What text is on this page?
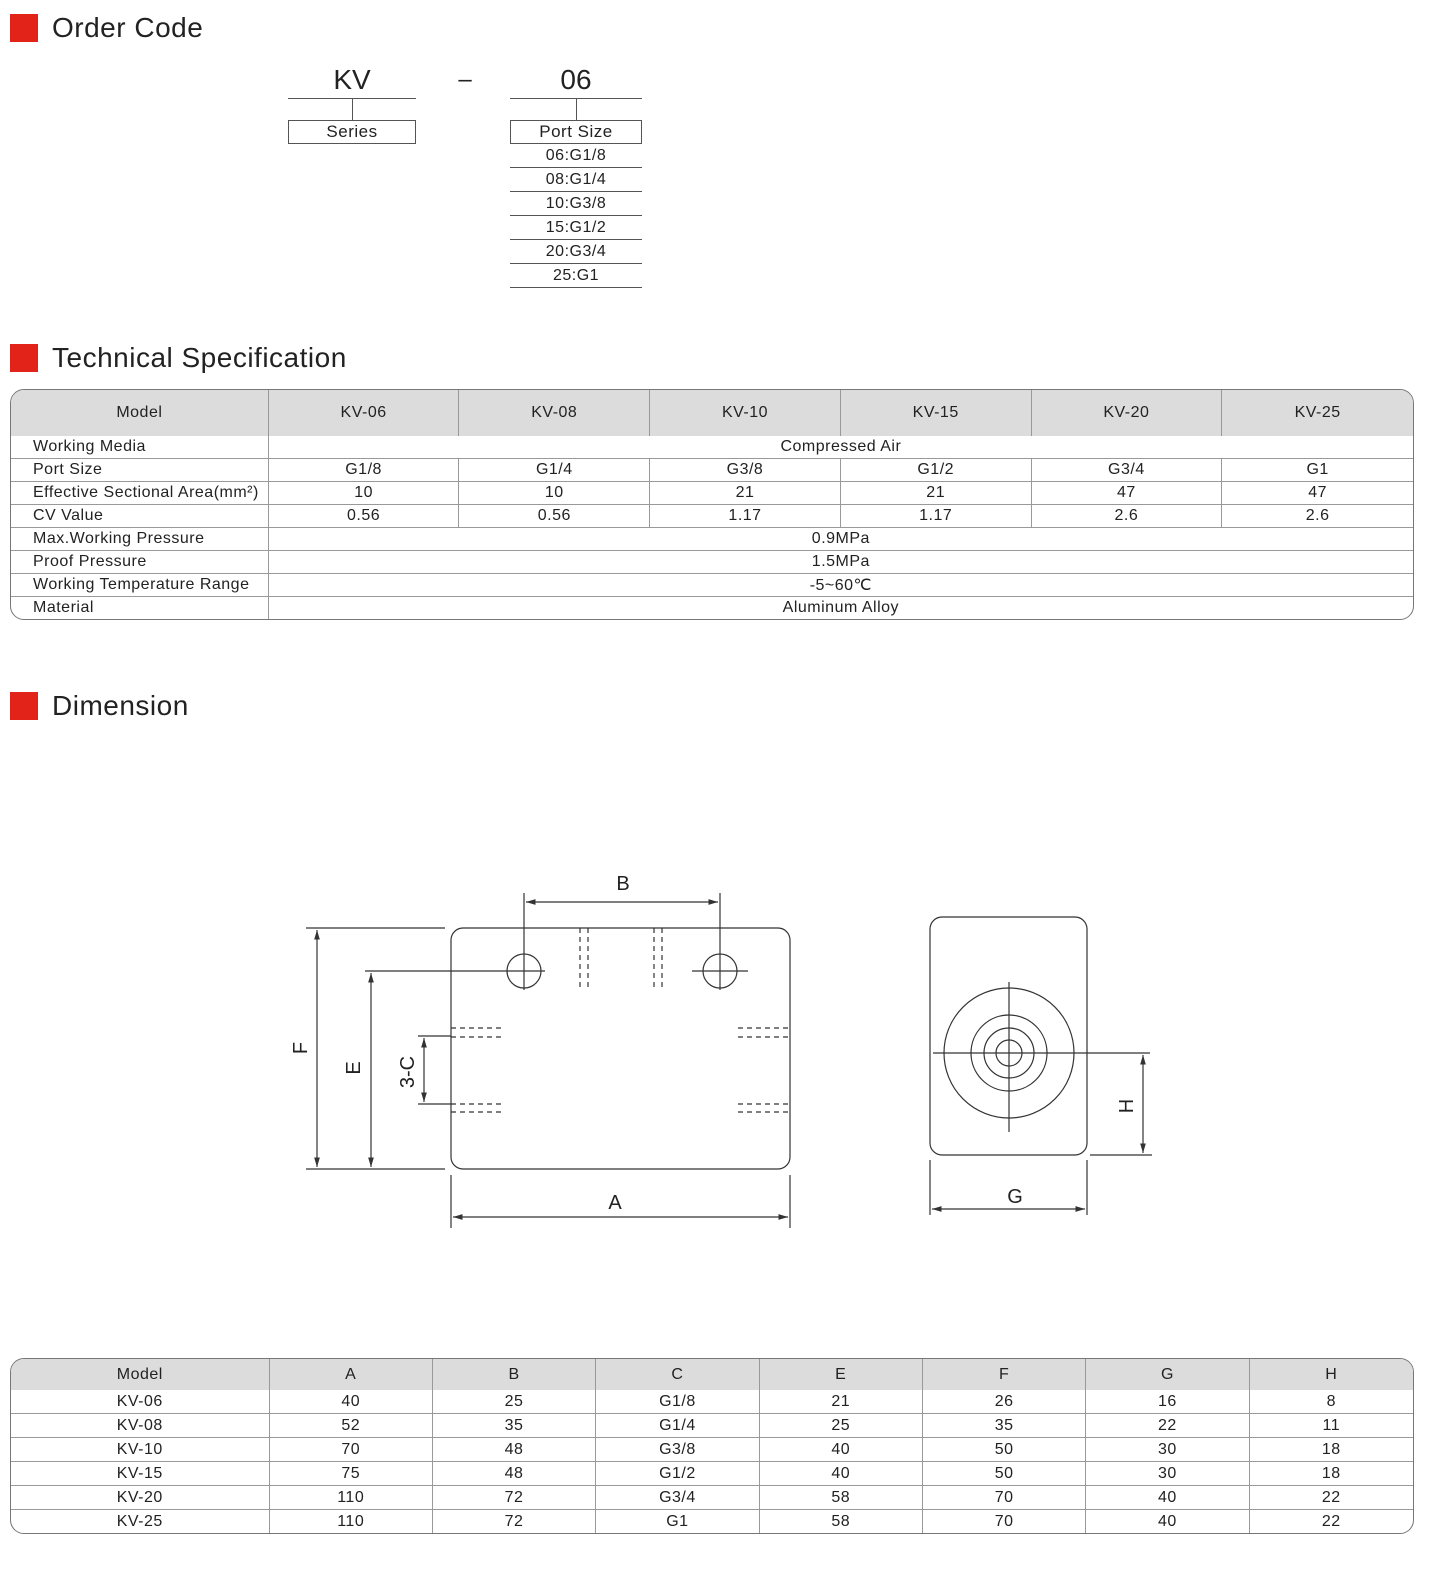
Order Code
KV
Series
–	06
Port Size
06:G1/8
08:G1/4
10:G3/8
15:G1/2
20:G3/4
25:G1
Technical Specification
Model	KV-06	KV-08	KV-10	KV-15	KV-20	KV-25
Working Media	Compressed Air					
Port Size	G1/8	G1/4	G3/8	G1/2	G3/4	G1
Effective Sectional Area(mm²)	10	10	21	21	47	47
CV Value	0.56	0.56	1.17	1.17	2.6	2.6
Max.Working Pressure	0.9MPa					
Proof Pressure	1.5MPa					
Working Temperature Range	-5~60℃					
Material	Aluminum Alloy					
Dimension
B
A	G
F
E 3-C
H
Model	A	B	C	E	F	G	H
KV-06	40	25	G1/8	21	26	16	8
KV-08	52	35	G1/4	25	35	22	11
KV-10	70	48	G3/8	40	50	30	18
KV-15	75	48	G1/2	40	50	30	18
KV-20	110	72	G3/4	58	70	40	22
KV-25	110	72	G1	58	70	40	22
